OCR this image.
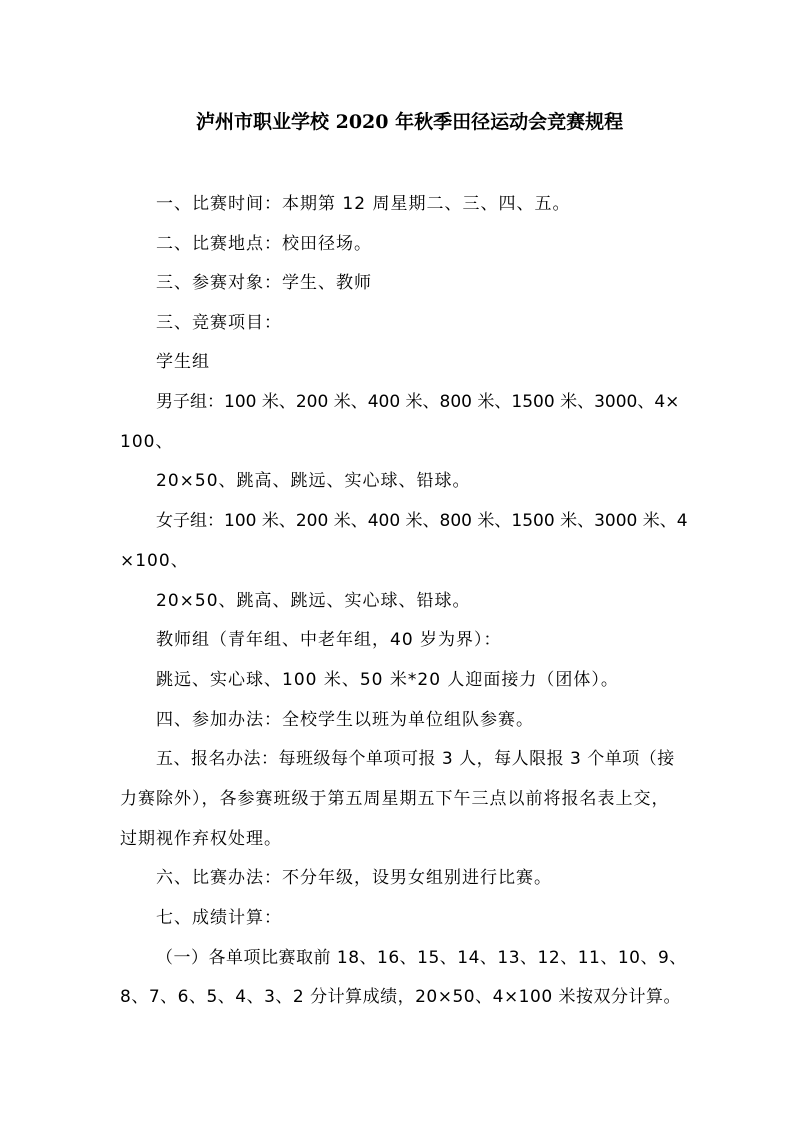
泸州市职业学校 2020 年秋季田径运动会竞赛规程
一、比赛时间：本期第 12 周星期二、三、四、五。
二、比赛地点：校田径场。
三、参赛对象：学生、教师
三、竞赛项目：
学生组
男子组：100 米、200 米、400 米、800 米、1500 米、3000、4×
100、
20×50、跳高、跳远、实心球、铅球。
女子组：100 米、200 米、400 米、800 米、1500 米、3000 米、4
×100、
20×50、跳高、跳远、实心球、铅球。
教师组（青年组、中老年组，40 岁为界）：
跳远、实心球、100 米、50 米*20 人迎面接力（团体）。
四、参加办法：全校学生以班为单位组队参赛。
五、报名办法：每班级每个单项可报 3 人，每人限报 3 个单项（接
力赛除外），各参赛班级于第五周星期五下午三点以前将报名表上交，
过期视作弃权处理。
六、比赛办法：不分年级，设男女组别进行比赛。
七、成绩计算：
（一）各单项比赛取前 18、16、15、14、13、12、11、10、9、
8、7、6、5、4、3、2 分计算成绩，20×50、4×100 米按双分计算。
